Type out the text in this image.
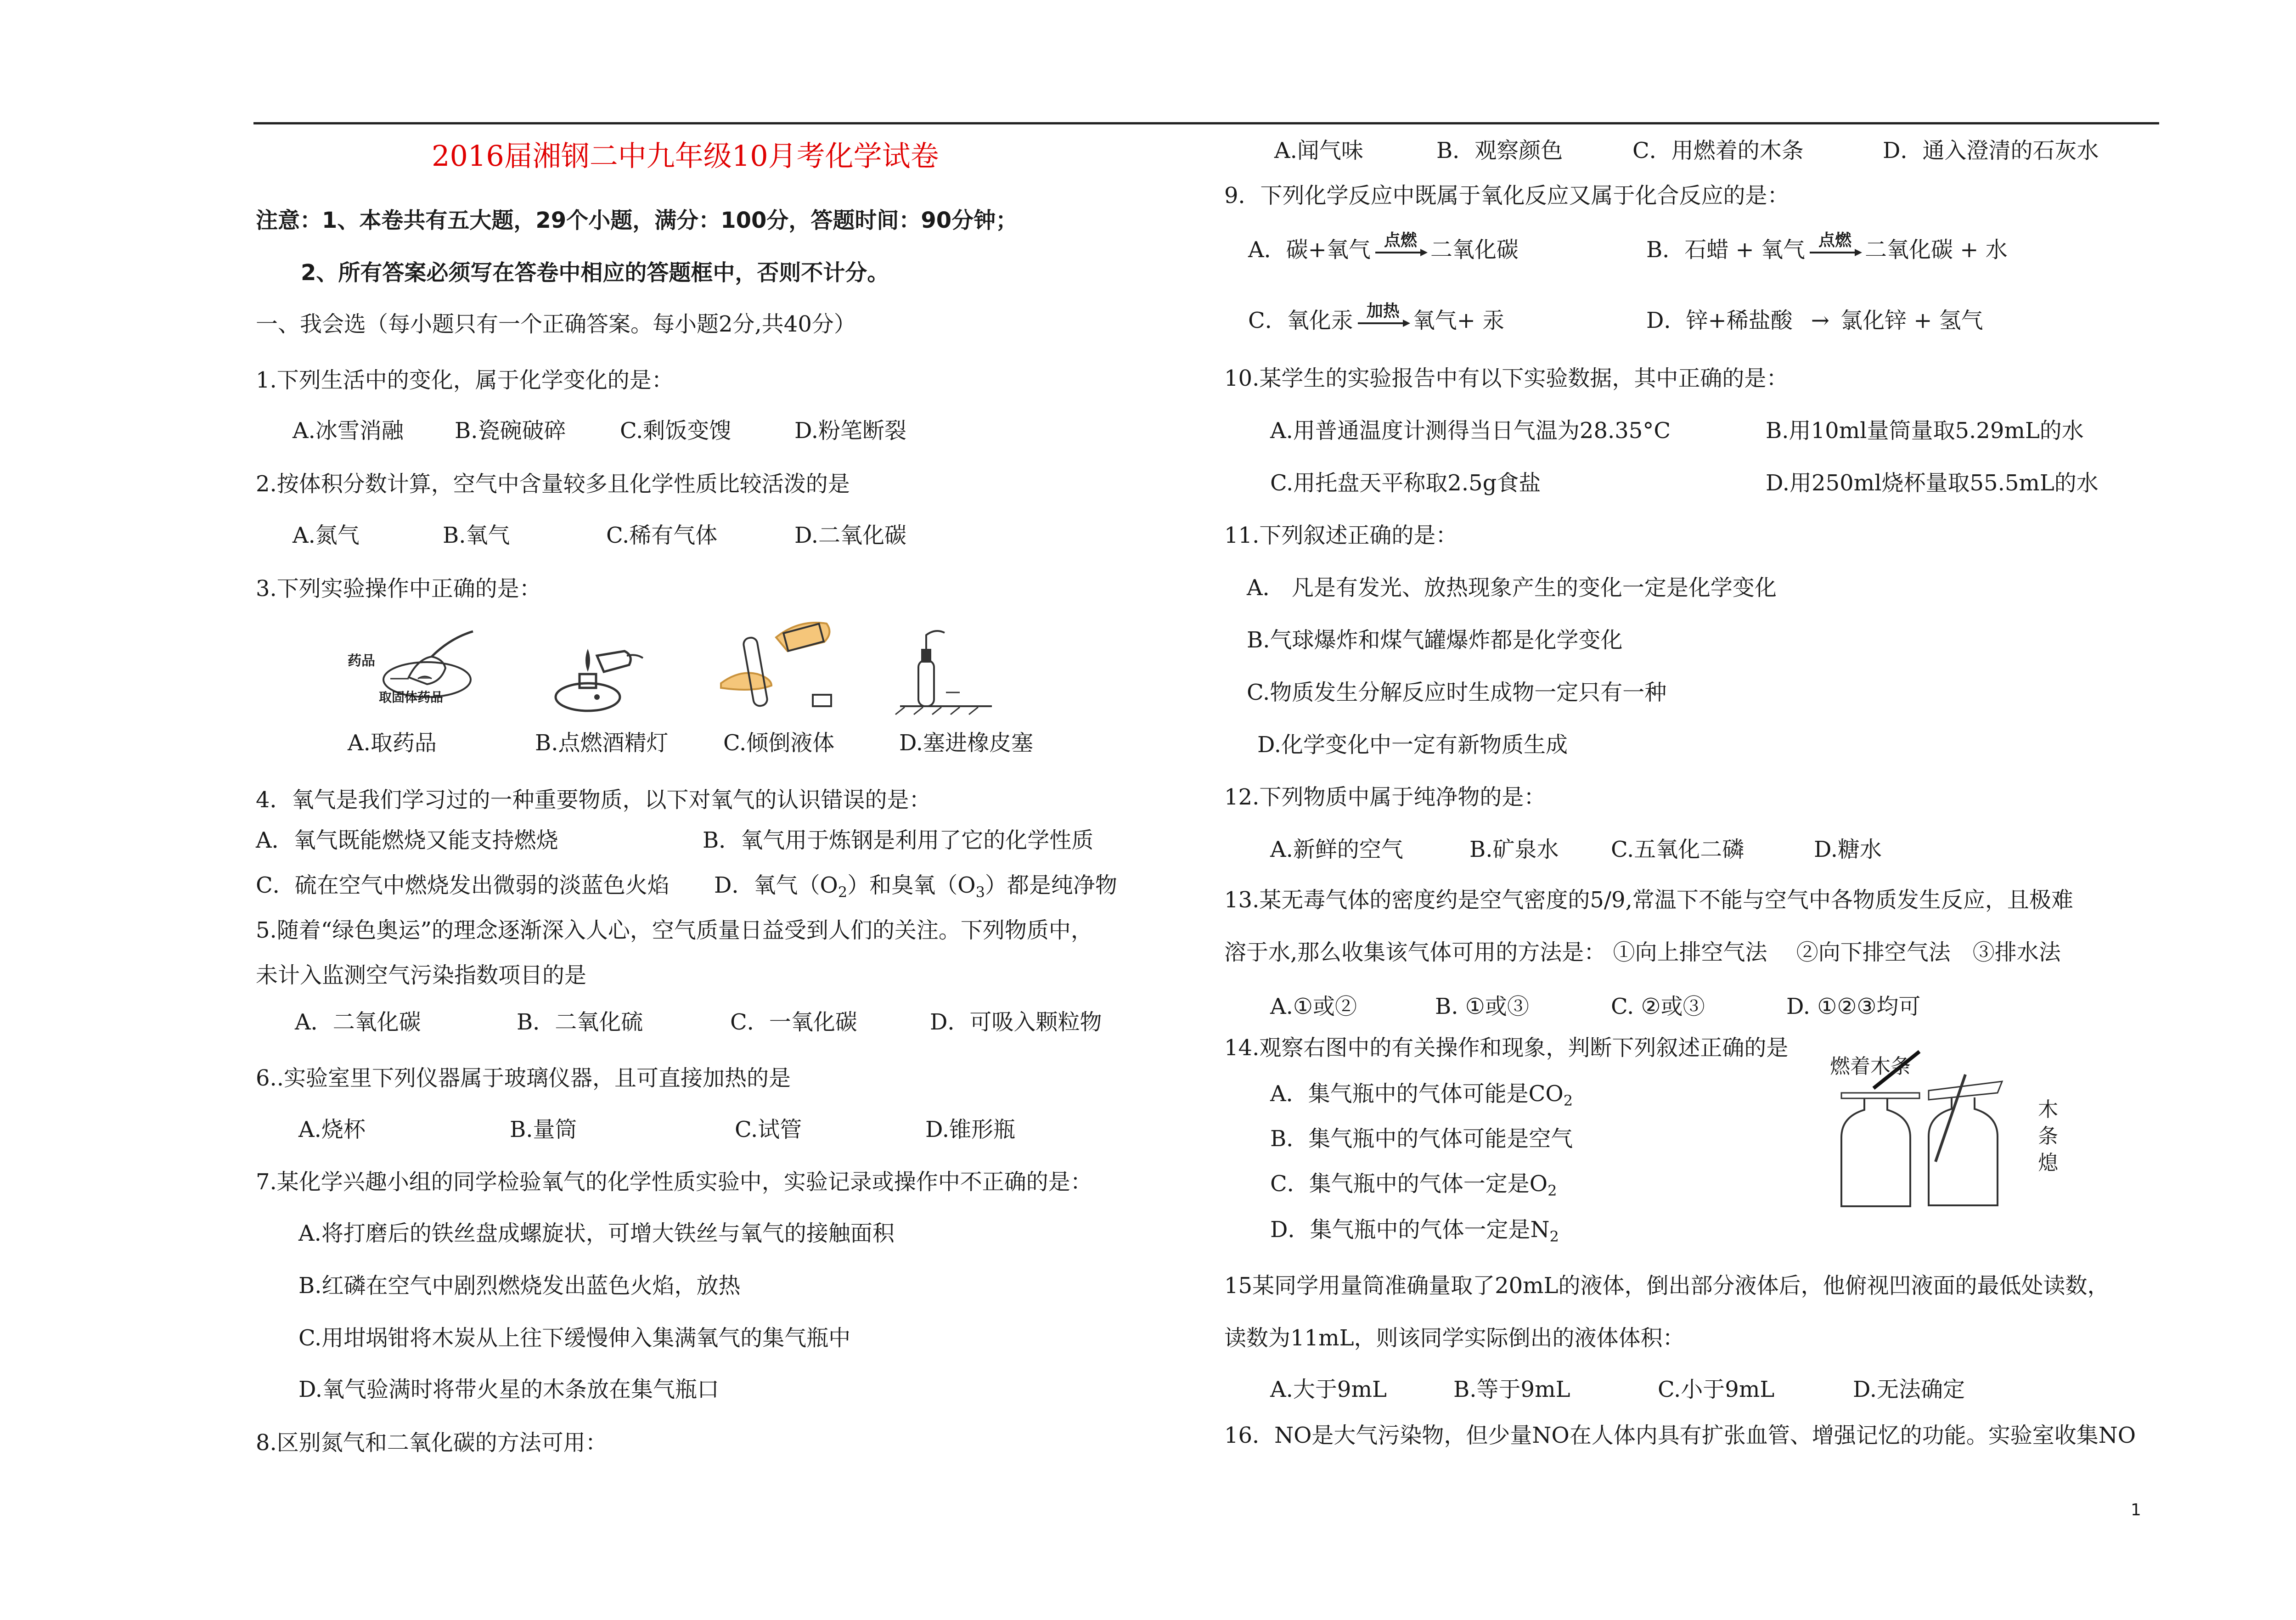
2016届湘钢二中九年级10月考化学试卷
注意：1、本卷共有五大题，29个小题，满分：100分，答题时间：90分钟；
2、所有答案必须写在答卷中相应的答题框中，否则不计分。
一、我会选（每小题只有一个正确答案。每小题2分,共40分）
1.下列生活中的变化，属于化学变化的是：
A.冰雪消融 B.瓷碗破碎 C.剩饭变馊	D.粉笔断裂
2.按体积分数计算，空气中含量较多且化学性质比较活泼的是
A.氮气	B.氧气	C.稀有气体	D.二氧化碳
3.下列实验操作中正确的是：
药品
取固体药品
A.取药品	B.点燃酒精灯 C.倾倒液体	D.塞进橡皮塞
4．氧气是我们学习过的一种重要物质，以下对氧气的认识错误的是：
A．氧气既能燃烧又能支持燃烧	B．氧气用于炼钢是利用了它的化学性质
C．硫在空气中燃烧发出微弱的淡蓝色火焰 D．氧气$(O_2)$和臭氧$(O_3)$都是纯净物
5.随着“绿色奥运”的理念逐渐深入人心，空气质量日益受到人们的关注。下列物质中，
未计入监测空气污染指数项目的是
A．二氧化碳	B．二氧化硫	C．一氧化碳	D．可吸入颗粒物
6..实验室里下列仪器属于玻璃仪器，且可直接加热的是
A.烧杯	B.量筒	C.试管	D.锥形瓶
7.某化学兴趣小组的同学检验氧气的化学性质实验中，实验记录或操作中不正确的是：
A.将打磨后的铁丝盘成螺旋状，可增大铁丝与氧气的接触面积
B.红磷在空气中剧烈燃烧发出蓝色火焰，放热
C.用坩埚钳将木炭从上往下缓慢伸入集满氧气的集气瓶中
D.氧气验满时将带火星的木条放在集气瓶口
8.区别氮气和二氧化碳的方法可用：
A.闻气味	B．观察颜色	C．用燃着的木条	D．通入澄清的石灰水
9．下列化学反应中既属于氧化反应又属于化合反应的是：
A．碳+氧气 点燃 二氧化碳	B．石蜡 + 氧气 点燃 二氧化碳 + 水
C．氧化汞 加热 氧气+ 汞	D．锌+稀盐酸 → 氯化锌 + 氢气
10.某学生的实验报告中有以下实验数据，其中正确的是：
A.用普通温度计测得当日气温为28.35°C	B.用10ml量筒量取5.29mL的水
C.用托盘天平称取2.5g食盐	D.用250ml烧杯量取55.5mL的水
11.下列叙述正确的是：
A． 凡是有发光、放热现象产生的变化一定是化学变化
B.气球爆炸和煤气罐爆炸都是化学变化
C.物质发生分解反应时生成物一定只有一种
D.化学变化中一定有新物质生成
12.下列物质中属于纯净物的是：
A.新鲜的空气	B.矿泉水 C.五氧化二磷	D.糖水
13.某无毒气体的密度约是空气密度的5/9,常温下不能与空气中各物质发生反应，且极难
溶于水,那么收集该气体可用的方法是： ①向上排空气法　 ②向下排空气法　③排水法
A.①或②	B. ①或③	C. ②或③	D. ①②③均可
14.观察右图中的有关操作和现象，判断下列叙述正确的是
A．集气瓶中的气体可能是$CO_2$
B．集气瓶中的气体可能是空气
C．集气瓶中的气体一定是$O_2$
D．集气瓶中的气体一定是$N_2$
燃着木条
木
条
熄
15某同学用量筒准确量取了20mL的液体，倒出部分液体后，他俯视凹液面的最低处读数，
读数为11mL，则该同学实际倒出的液体体积：
A.大于9mL	B.等于9mL	C.小于9mL	D.无法确定
16．NO是大气污染物，但少量NO在人体内具有扩张血管、增强记忆的功能。实验室收集NO
1
